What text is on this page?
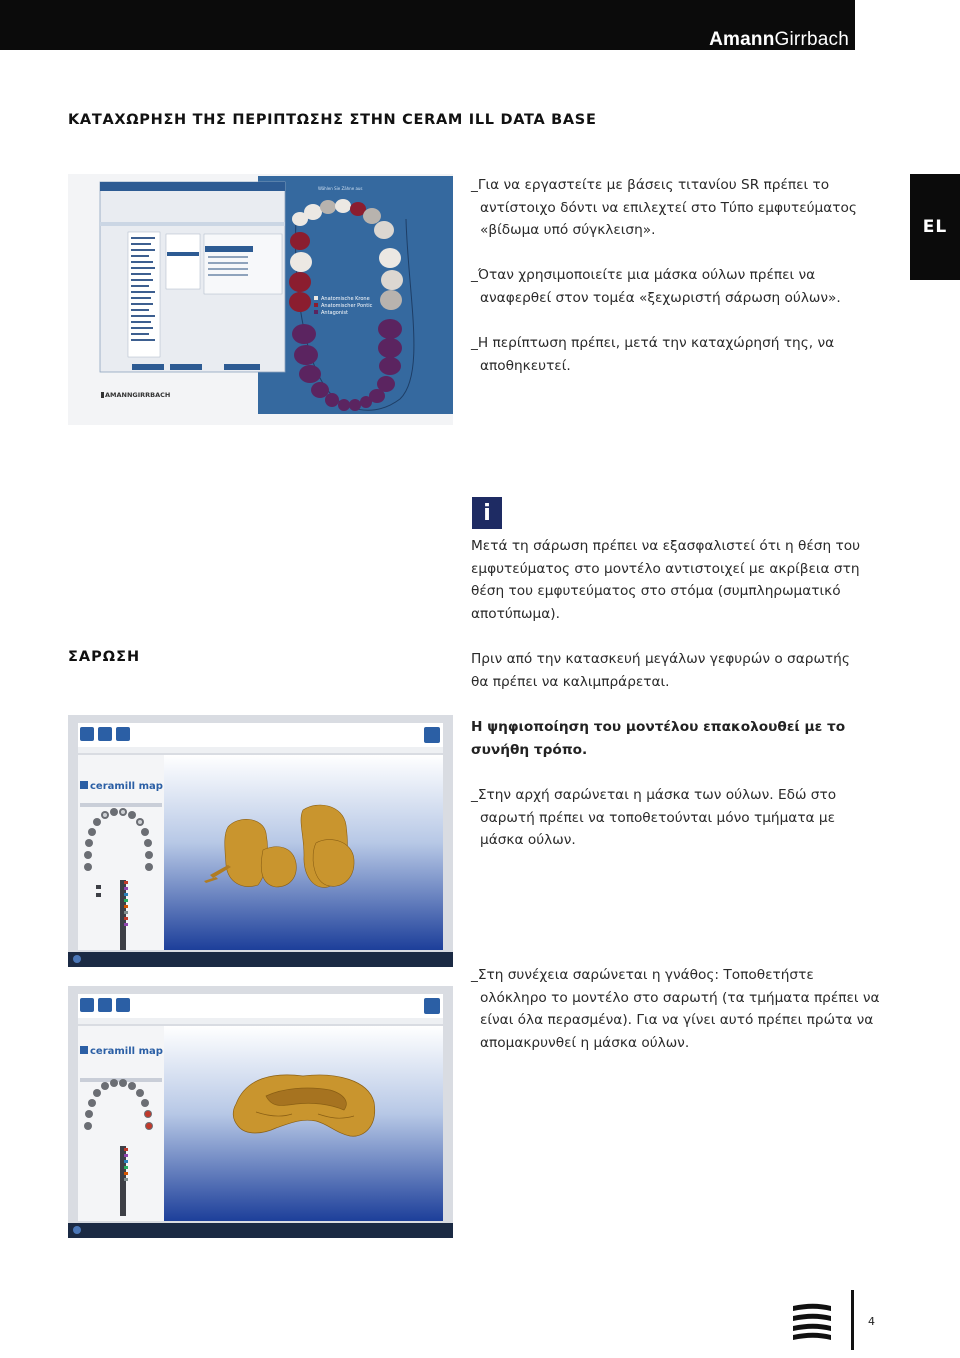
AmannGirrbach
EL
ΚΑΤΑΧΩΡΗΣΗ ΤΗΣ ΠΕΡΙΠΤΩΣΗΣ ΣΤΗΝ CERAM ILL DATA BASE
Wählen Sie Zähne aus
Anatomische Krone
Anatomischer Pontic
Antagonist
AMANNGIRRBACH

_Για να εργαστείτε με βάσεις τιτανίου SR πρέπει το αντίστοιχο δόντι να επιλεχτεί στο Τύπο εμφυτεύματος «βίδωμα υπό σύγκλειση».

_Όταν χρησιμοποιείτε μια μάσκα ούλων πρέπει να αναφερθεί στον τομέα «ξεχωριστή σάρωση ούλων».

_Η περίπτωση πρέπει, μετά την καταχώρησή της, να αποθηκευτεί.

i

Μετά τη σάρωση πρέπει να εξασφαλιστεί ότι η θέση του εμφυτεύματος στο μοντέλο αντιστοιχεί με ακρίβεια στη θέση του εμφυτεύματος στο στόμα (συμπληρωματικό αποτύπωμα).

ΣΑΡΩΣΗ	Πριν από την κατασκευή μεγάλων γεφυρών ο σαρωτής θα πρέπει να καλιμπράρεται.

Η ψηφιοποίηση του μοντέλου επακολουθεί με το συνήθη τρόπο.

_Στην αρχή σαρώνεται η μάσκα των ούλων. Εδώ στο σαρωτή πρέπει να τοποθετούνται μόνο τμήματα με μάσκα ούλων.

_Στη συνέχεια σαρώνεται η γνάθος: Τοποθετήστε ολόκληρο το μοντέλο στο σαρωτή (τα τμήματα πρέπει να είναι όλα περασμένα). Για να γίνει αυτό πρέπει πρώτα να απομακρυνθεί η μάσκα ούλων.

ceramill map
ceramill map
4
